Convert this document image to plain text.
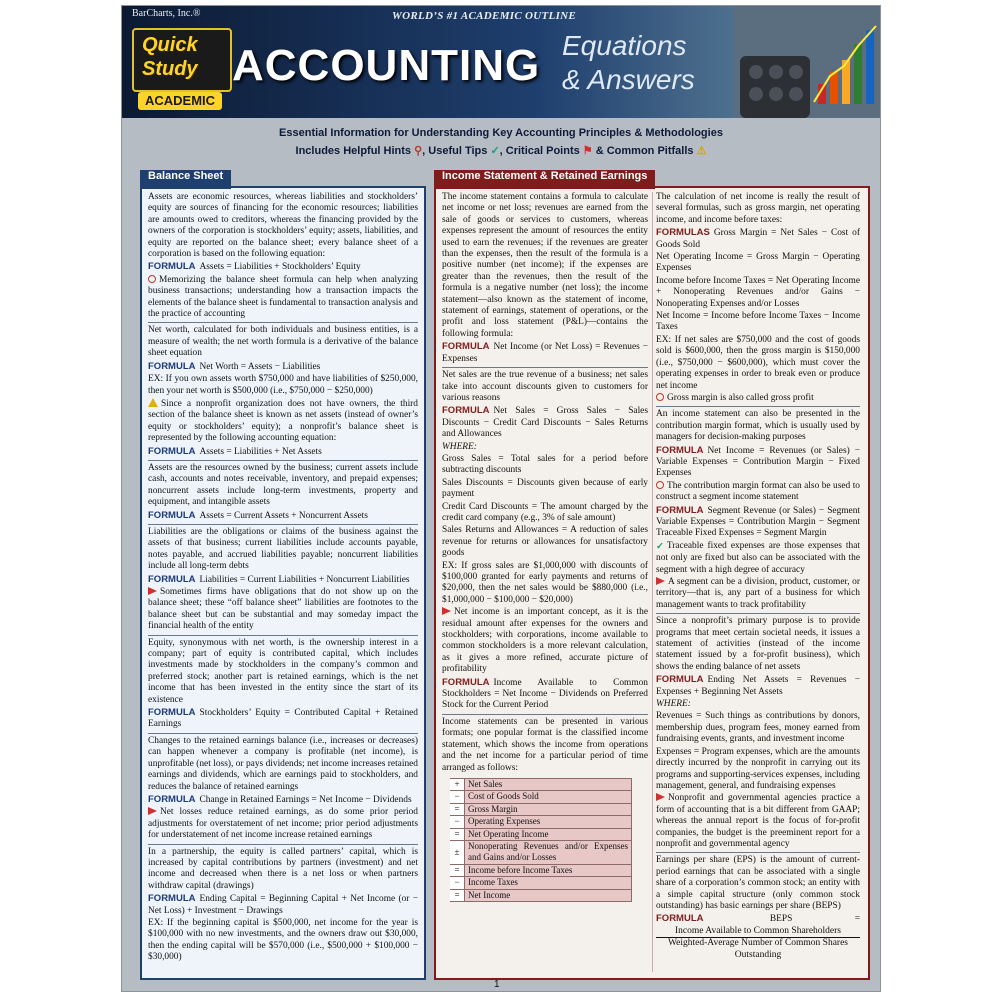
BarCharts, Inc.®	WORLD’S #1 ACADEMIC OUTLINE
Quick
Study
ACADEMIC
ACCOUNTING Equations
& Answers
Essential Information for Understanding Key Accounting Principles & Methodologies
Includes Helpful Hints ⚲, Useful Tips ✓, Critical Points ⚑ & Common Pitfalls ⚠
Balance Sheet

Assets are economic resources, whereas liabilities and stockholders’ equity are sources of financing for the economic resources; liabilities are amounts owed to creditors, whereas the financing provided by the owners of the corporation is stockholders’ equity; assets, liabilities, and equity are reported on the balance sheet; every balance sheet of a corporation is based on the following equation:

FORMULA Assets = Liabilities + Stockholders’ Equity

Memorizing the balance sheet formula can help when analyzing business transactions; understanding how a transaction impacts the elements of the balance sheet is fundamental to transaction analysis and the practice of accounting

Net worth, calculated for both individuals and business entities, is a measure of wealth; the net worth formula is a derivative of the balance sheet equation

FORMULA Net Worth = Assets − Liabilities

EX: If you own assets worth $750,000 and have liabilities of $250,000, then your net worth is $500,000 (i.e., $750,000 − $250,000)

Since a nonprofit organization does not have owners, the third section of the balance sheet is known as net assets (instead of owner’s equity or stockholders’ equity); a nonprofit’s balance sheet is represented by the following accounting equation:

FORMULA Assets = Liabilities + Net Assets

Assets are the resources owned by the business; current assets include cash, accounts and notes receivable, inventory, and prepaid expenses; noncurrent assets include long-term investments, property and equipment, and intangible assets

FORMULA Assets = Current Assets + Noncurrent Assets

Liabilities are the obligations or claims of the business against the assets of that business; current liabilities include accounts payable, notes payable, and accrued liabilities payable; noncurrent liabilities include all long-term debts

FORMULA Liabilities = Current Liabilities + Noncurrent Liabilities

Sometimes firms have obligations that do not show up on the balance sheet; these “off balance sheet” liabilities are footnotes to the balance sheet but can be substantial and may someday impact the financial health of the entity

Equity, synonymous with net worth, is the ownership interest in a company; part of equity is contributed capital, which includes investments made by stockholders in the company’s common and preferred stock; another part is retained earnings, which is the net income that has been invested in the entity since the start of its existence

FORMULA Stockholders’ Equity = Contributed Capital + Retained Earnings

Changes to the retained earnings balance (i.e., increases or decreases) can happen whenever a company is profitable (net income), is unprofitable (net loss), or pays dividends; net income increases retained earnings and dividends, which are earnings paid to stockholders, and reduces the balance of retained earnings

FORMULA Change in Retained Earnings = Net Income − Dividends

Net losses reduce retained earnings, as do some prior period adjustments for overstatement of net income; prior period adjustments for understatement of net income increase retained earnings

In a partnership, the equity is called partners’ capital, which is increased by capital contributions by partners (investment) and net income and decreased when there is a net loss or when partners withdraw capital (drawings)

FORMULA Ending Capital = Beginning Capital + Net Income (or − Net Loss) + Investment − Drawings

EX: If the beginning capital is $500,000, net income for the year is $100,000 with no new investments, and the owners draw out $30,000, then the ending capital will be $570,000 (i.e., $500,000 + $100,000 − $30,000)

Income Statement & Retained Earnings

The income statement contains a formula to calculate net income or net loss; revenues are earned from the sale of goods or services to customers, whereas expenses represent the amount of resources the entity used to earn the revenues; if the revenues are greater than the expenses, then the result of the formula is a positive number (net income); if the expenses are greater than the revenues, then the result of the formula is a negative number (net loss); the income statement—also known as the statement of income, statement of earnings, statement of operations, or the profit and loss statement (P&L)—contains the following formula:

FORMULA Net Income (or Net Loss) = Revenues − Expenses

Net sales are the true revenue of a business; net sales take into account discounts given to customers for various reasons

FORMULA Net Sales = Gross Sales − Sales Discounts − Credit Card Discounts − Sales Returns and Allowances

WHERE:

Gross Sales = Total sales for a period before subtracting discounts

Sales Discounts = Discounts given because of early payment

Credit Card Discounts = The amount charged by the credit card company (e.g., 3% of sale amount)

Sales Returns and Allowances = A reduction of sales revenue for returns or allowances for unsatisfactory goods

EX: If gross sales are $1,000,000 with discounts of $100,000 granted for early payments and returns of $20,000, then the net sales would be $880,000 (i.e., $1,000,000 − $100,000 − $20,000)

Net income is an important concept, as it is the residual amount after expenses for the owners and stockholders; with corporations, income available to common stockholders is a more relevant calculation, as it gives a more refined, accurate picture of profitability

FORMULA Income Available to Common Stockholders = Net Income − Dividends on Preferred Stock for the Current Period

Income statements can be presented in various formats; one popular format is the classified income statement, which shows the income from operations and the net income for a particular period of time arranged as follows:

+	Net Sales
−	Cost of Goods Sold
=	Gross Margin
−	Operating Expenses
=	Net Operating Income
±	Nonoperating Revenues and/or Expenses and Gains and/or Losses
=	Income before Income Taxes
−	Income Taxes
=	Net Income

The calculation of net income is really the result of several formulas, such as gross margin, net operating income, and income before taxes:

FORMULAS Gross Margin = Net Sales − Cost of Goods Sold

Net Operating Income = Gross Margin − Operating Expenses

Income before Income Taxes = Net Operating Income + Nonoperating Revenues and/or Gains − Nonoperating Expenses and/or Losses

Net Income = Income before Income Taxes − Income Taxes

EX: If net sales are $750,000 and the cost of goods sold is $600,000, then the gross margin is $150,000 (i.e., $750,000 − $600,000), which must cover the operating expenses in order to break even or produce net income

Gross margin is also called gross profit

An income statement can also be presented in the contribution margin format, which is usually used by managers for decision-making purposes

FORMULA Net Income = Revenues (or Sales) − Variable Expenses = Contribution Margin − Fixed Expenses

The contribution margin format can also be used to construct a segment income statement

FORMULA Segment Revenue (or Sales) − Segment Variable Expenses = Contribution Margin − Segment Traceable Fixed Expenses = Segment Margin

✓ Traceable fixed expenses are those expenses that not only are fixed but also can be associated with the segment with a high degree of accuracy

A segment can be a division, product, customer, or territory—that is, any part of a business for which management wants to track profitability

Since a nonprofit’s primary purpose is to provide programs that meet certain societal needs, it issues a statement of activities (instead of the income statement issued by a for-profit business), which shows the ending balance of net assets

FORMULA Ending Net Assets = Revenues − Expenses + Beginning Net Assets

WHERE:

Revenues = Such things as contributions by donors, membership dues, program fees, money earned from fundraising events, grants, and investment income

Expenses = Program expenses, which are the amounts directly incurred by the nonprofit in carrying out its programs and supporting-services expenses, including management, general, and fundraising expenses

Nonprofit and governmental agencies practice a form of accounting that is a bit different from GAAP; whereas the annual report is the focus of for-profit companies, the budget is the preeminent report for a nonprofit and governmental agency

Earnings per share (EPS) is the amount of current-period earnings that can be associated with a single share of a corporation’s common stock; an entity with a simple capital structure (only common stock outstanding) has basic earnings per share (BEPS)

FORMULA	BEPS =
Income Available to Common Shareholders
Weighted-Average Number of Common Shares Outstanding

1
